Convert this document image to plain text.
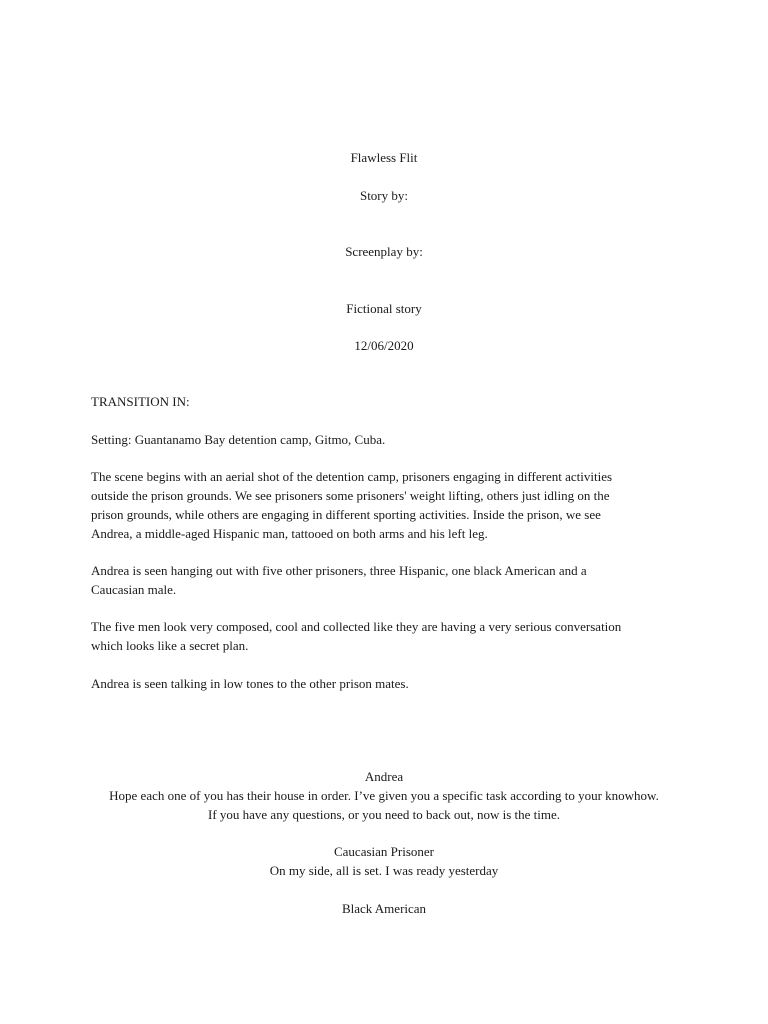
Flawless Flit
Story by:
Screenplay by:
Fictional story
12/06/2020
TRANSITION IN:
Setting: Guantanamo Bay detention camp, Gitmo, Cuba.
The scene begins with an aerial shot of the detention camp, prisoners engaging in different activities
outside the prison grounds. We see prisoners some prisoners' weight lifting, others just idling on the
prison grounds, while others are engaging in different sporting activities. Inside the prison, we see
Andrea, a middle-aged Hispanic man, tattooed on both arms and his left leg.
Andrea is seen hanging out with five other prisoners, three Hispanic, one black American and a
Caucasian male.
The five men look very composed, cool and collected like they are having a very serious conversation
which looks like a secret plan.
Andrea is seen talking in low tones to the other prison mates.
Andrea
Hope each one of you has their house in order. I’ve given you a specific task according to your knowhow.
If you have any questions, or you need to back out, now is the time.
Caucasian Prisoner
On my side, all is set. I was ready yesterday
Black American
